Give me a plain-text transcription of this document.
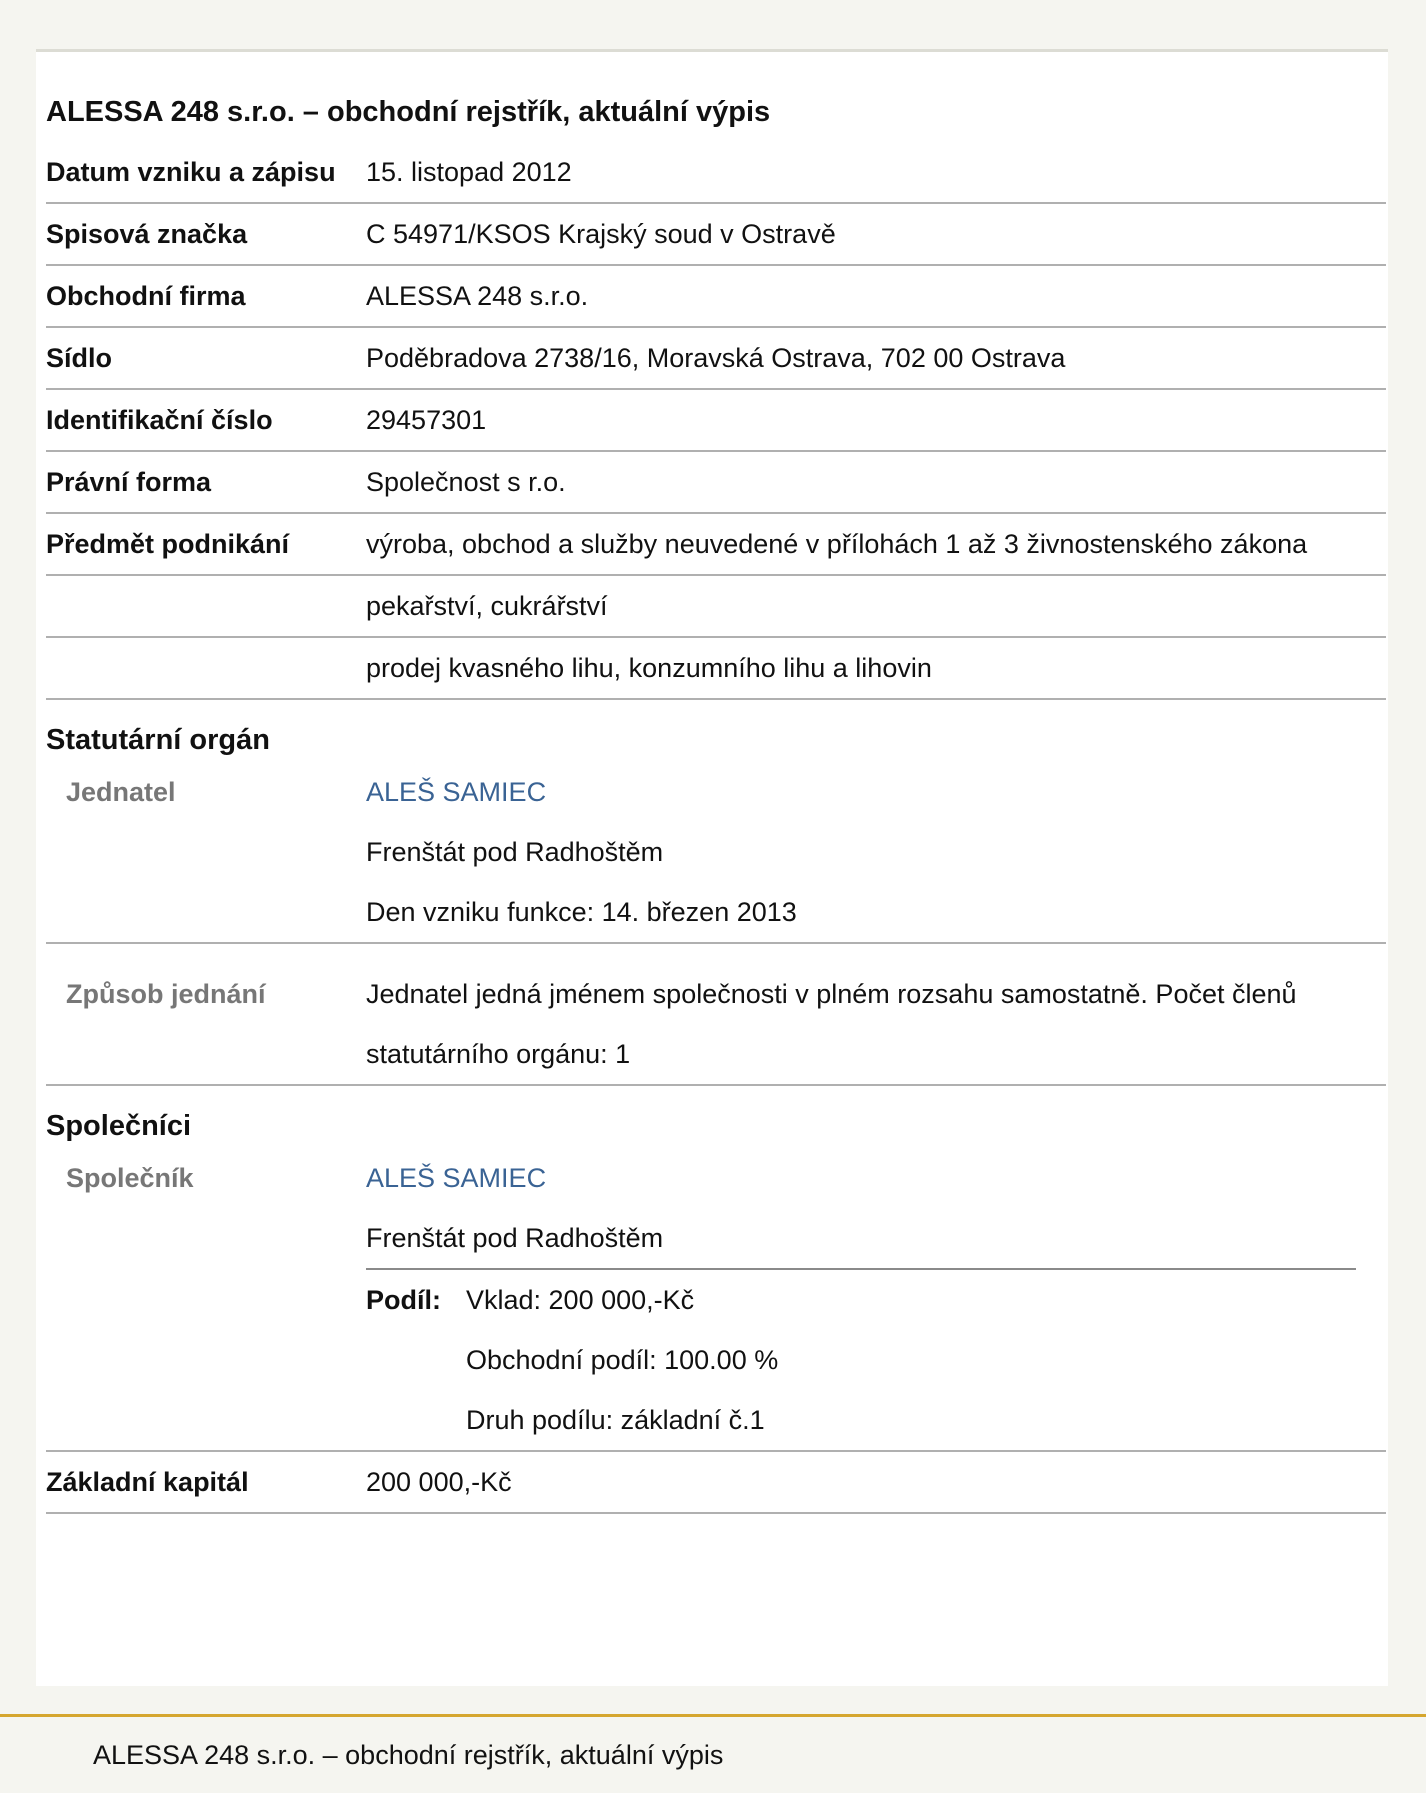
ALESSA 248 s.r.o. – obchodní rejstřík, aktuální výpis
Datum vzniku a zápisu	15. listopad 2012
Spisová značka	C 54971/KSOS Krajský soud v Ostravě
Obchodní firma	ALESSA 248 s.r.o.
Sídlo	Poděbradova 2738/16, Moravská Ostrava, 702 00 Ostrava
Identifikační číslo	29457301
Právní forma	Společnost s r.o.
Předmět podnikání	výroba, obchod a služby neuvedené v přílohách 1 až 3 živnostenského zákona
pekařství, cukrářství
prodej kvasného lihu, konzumního lihu a lihovin
Statutární orgán
Jednatel	ALEŠ SAMIEC
Frenštát pod Radhoštěm
Den vzniku funkce: 14. březen 2013
Způsob jednání	Jednatel jedná jménem společnosti v plném rozsahu samostatně. Počet členů statutárního orgánu: 1
Společníci
Společník	ALEŠ SAMIEC
Frenštát pod Radhoštěm
Podíl: Vklad: 200 000,-Kč
Obchodní podíl: 100.00 %
Druh podílu: základní č.1
Základní kapitál	200 000,-Kč
ALESSA 248 s.r.o. – obchodní rejstřík, aktuální výpis
